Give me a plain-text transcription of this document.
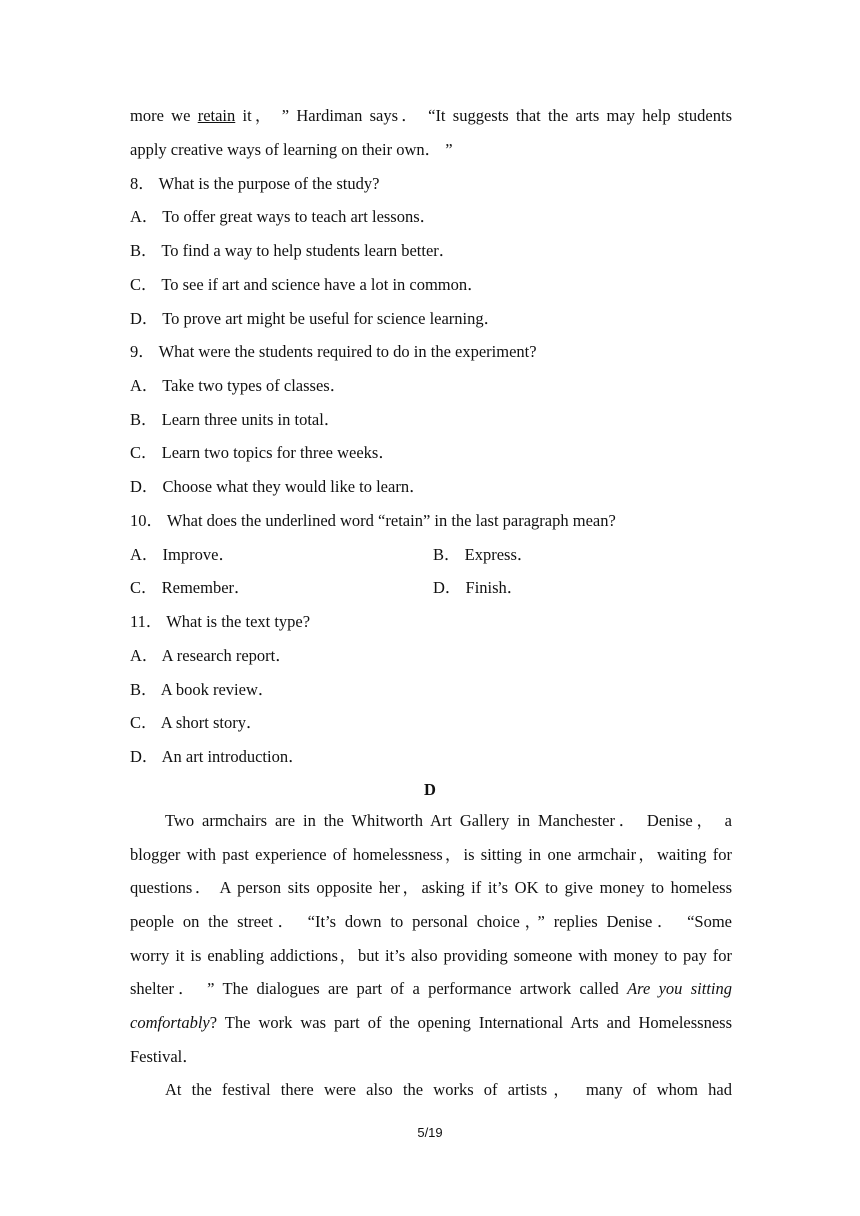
more we retain it， ” Hardiman says． “It suggests that the arts may help students
apply creative ways of learning on their own． ”
8． What is the purpose of the study?
A． To offer great ways to teach art lessons．
B． To find a way to help students learn better．
C． To see if art and science have a lot in common．
D． To prove art might be useful for science learning．
9． What were the students required to do in the experiment?
A． Take two types of classes．
B． Learn three units in total．
C． Learn two topics for three weeks．
D． Choose what they would like to learn．
10． What does the underlined word “retain” in the last paragraph mean?
A． Improve．	B． Express．
C． Remember．	D． Finish．
11． What is the text type?
A． A research report．
B． A book review．
C． A short story．
D． An art introduction．
D
Two armchairs are in the Whitworth Art Gallery in Manchester． Denise， a
blogger with past experience of homelessness，is sitting in one armchair，waiting for
questions． A person sits opposite her，asking if it’s OK to give money to homeless
people on the street． “It’s down to personal choice，” replies Denise． “Some
worry it is enabling addictions，but it’s also providing someone with money to pay for
shelter． ” The dialogues are part of a performance artwork called Are you sitting
comfortably? The work was part of the opening International Arts and Homelessness
Festival．
At the festival there were also the works of artists， many of whom had
5/19
